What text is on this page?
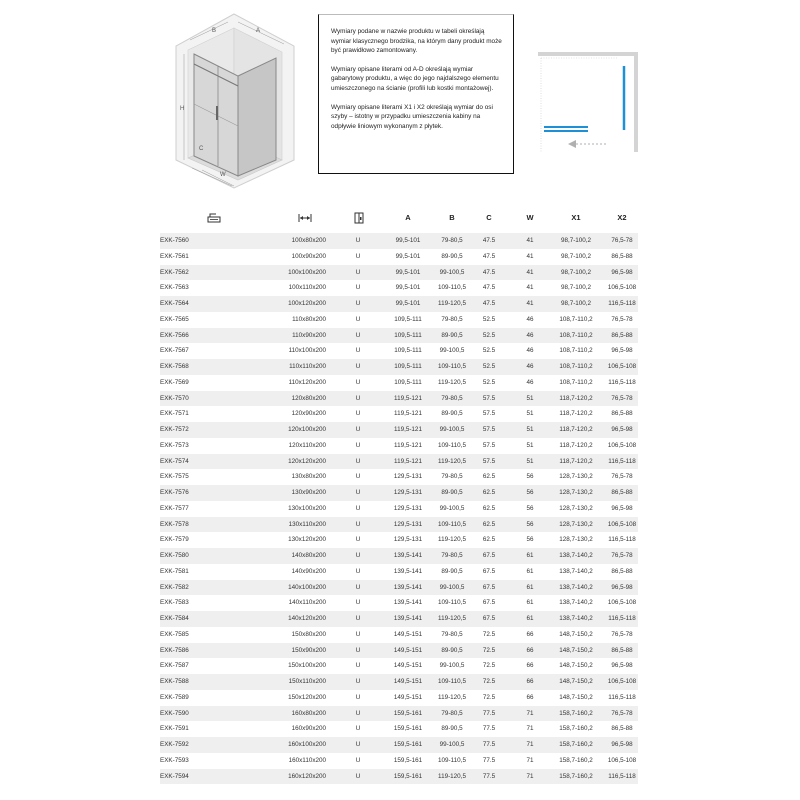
B	A
H
C
W

Wymiary podane w nazwie produktu w tabeli określają wymiar klasycznego brodzika, na którym dany produkt może być prawidłowo zamontowany.

Wymiary opisane literami od A-D określają wymiar gabarytowy produktu, a więc do jego najdalszego elementu umieszczonego na ścianie (profili lub kostki montażowej).

Wymiary opisane literami X1 i X2 określają wymiar do osi szyby – istotny w przypadku umieszczenia kabiny na odpływie liniowym wykonanym z płytek.

A	B	C	W	X1	X2
EXK-7560	100x80x200	U	99,5-101	79-80,5	47.5	41	98,7-100,2	76,5-78
EXK-7561	100x90x200	U	99,5-101	89-90,5	47.5	41	98,7-100,2	86,5-88
EXK-7562	100x100x200	U	99,5-101	99-100,5	47.5	41	98,7-100,2	96,5-98
EXK-7563	100x110x200	U	99,5-101	109-110,5	47.5	41	98,7-100,2	106,5-108
EXK-7564	100x120x200	U	99,5-101	119-120,5	47.5	41	98,7-100,2	116,5-118
EXK-7565	110x80x200	U	109,5-111	79-80,5	52.5	46	108,7-110,2	76,5-78
EXK-7566	110x90x200	U	109,5-111	89-90,5	52.5	46	108,7-110,2	86,5-88
EXK-7567	110x100x200	U	109,5-111	99-100,5	52.5	46	108,7-110,2	96,5-98
EXK-7568	110x110x200	U	109,5-111	109-110,5	52.5	46	108,7-110,2	106,5-108
EXK-7569	110x120x200	U	109,5-111	119-120,5	52.5	46	108,7-110,2	116,5-118
EXK-7570	120x80x200	U	119,5-121	79-80,5	57.5	51	118,7-120,2	76,5-78
EXK-7571	120x90x200	U	119,5-121	89-90,5	57.5	51	118,7-120,2	86,5-88
EXK-7572	120x100x200	U	119,5-121	99-100,5	57.5	51	118,7-120,2	96,5-98
EXK-7573	120x110x200	U	119,5-121	109-110,5	57.5	51	118,7-120,2	106,5-108
EXK-7574	120x120x200	U	119,5-121	119-120,5	57.5	51	118,7-120,2	116,5-118
EXK-7575	130x80x200	U	129,5-131	79-80,5	62.5	56	128,7-130,2	76,5-78
EXK-7576	130x90x200	U	129,5-131	89-90,5	62.5	56	128,7-130,2	86,5-88
EXK-7577	130x100x200	U	129,5-131	99-100,5	62.5	56	128,7-130,2	96,5-98
EXK-7578	130x110x200	U	129,5-131	109-110,5	62.5	56	128,7-130,2	106,5-108
EXK-7579	130x120x200	U	129,5-131	119-120,5	62.5	56	128,7-130,2	116,5-118
EXK-7580	140x80x200	U	139,5-141	79-80,5	67.5	61	138,7-140,2	76,5-78
EXK-7581	140x90x200	U	139,5-141	89-90,5	67.5	61	138,7-140,2	86,5-88
EXK-7582	140x100x200	U	139,5-141	99-100,5	67.5	61	138,7-140,2	96,5-98
EXK-7583	140x110x200	U	139,5-141	109-110,5	67.5	61	138,7-140,2	106,5-108
EXK-7584	140x120x200	U	139,5-141	119-120,5	67.5	61	138,7-140,2	116,5-118
EXK-7585	150x80x200	U	149,5-151	79-80,5	72.5	66	148,7-150,2	76,5-78
EXK-7586	150x90x200	U	149,5-151	89-90,5	72.5	66	148,7-150,2	86,5-88
EXK-7587	150x100x200	U	149,5-151	99-100,5	72.5	66	148,7-150,2	96,5-98
EXK-7588	150x110x200	U	149,5-151	109-110,5	72.5	66	148,7-150,2	106,5-108
EXK-7589	150x120x200	U	149,5-151	119-120,5	72.5	66	148,7-150,2	116,5-118
EXK-7590	160x80x200	U	159,5-161	79-80,5	77.5	71	158,7-160,2	76,5-78
EXK-7591	160x90x200	U	159,5-161	89-90,5	77.5	71	158,7-160,2	86,5-88
EXK-7592	160x100x200	U	159,5-161	99-100,5	77.5	71	158,7-160,2	96,5-98
EXK-7593	160x110x200	U	159,5-161	109-110,5	77.5	71	158,7-160,2	106,5-108
EXK-7594	160x120x200	U	159,5-161	119-120,5	77.5	71	158,7-160,2	116,5-118
